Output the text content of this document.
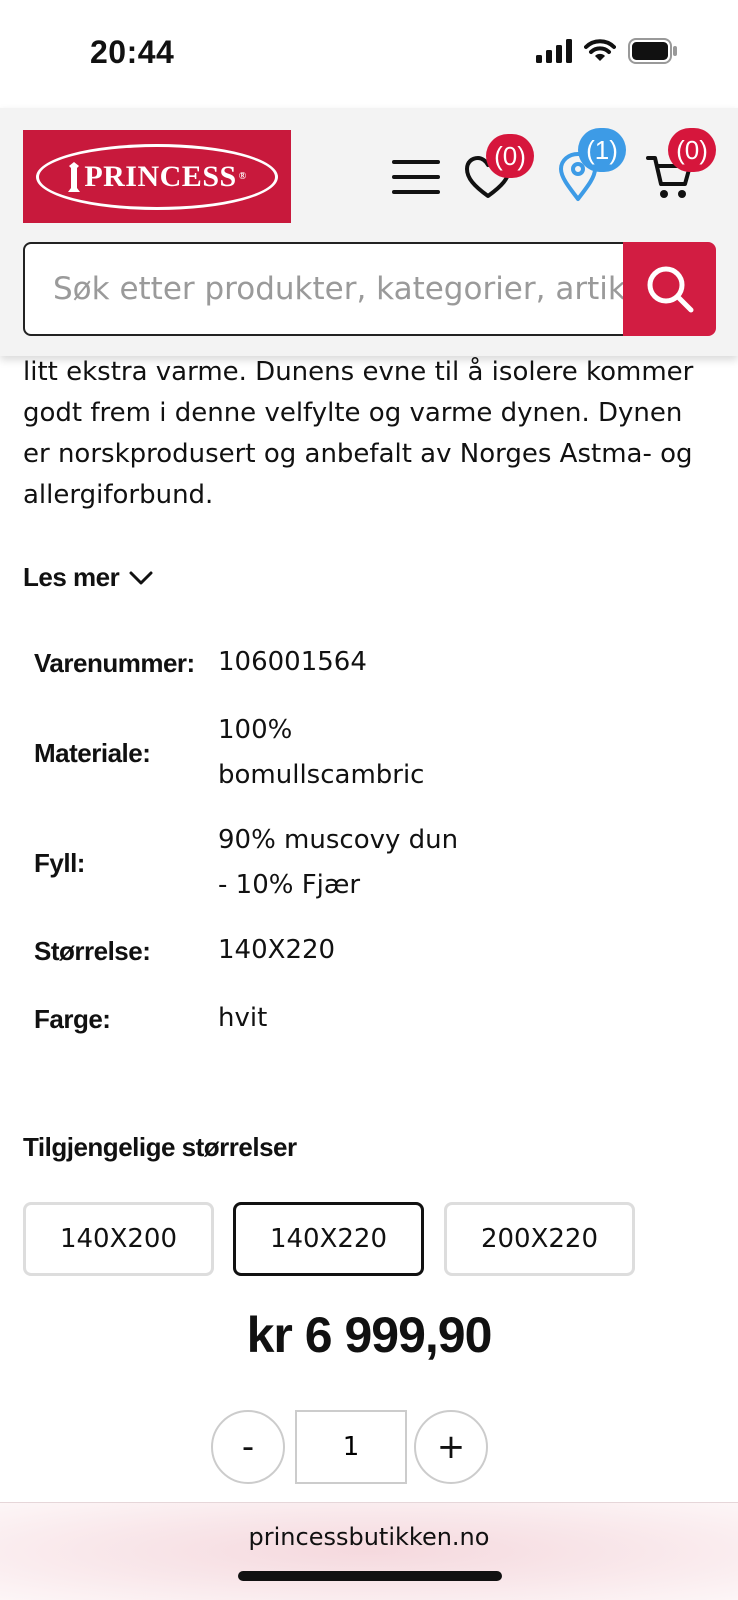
20:44
PRINCESS ®
(0)	(1)	(0)
Søk etter produkter, kategorier, artikler
litt ekstra varme. Dunens evne til å isolere kommer godt frem i denne velfylte og varme dynen. Dynen er norskprodusert og anbefalt av Norges Astma- og allergiforbund.
Les mer
Varenummer: 106001564
Materiale:
100% bomullscambric
Fyll:
90% muscovy dun - 10% Fjær
Størrelse:	140X220
Farge:	hvit
Tilgjengelige størrelser
140X200	140X220	200X220
kr 6 999,90
-
1	+
princessbutikken.no
